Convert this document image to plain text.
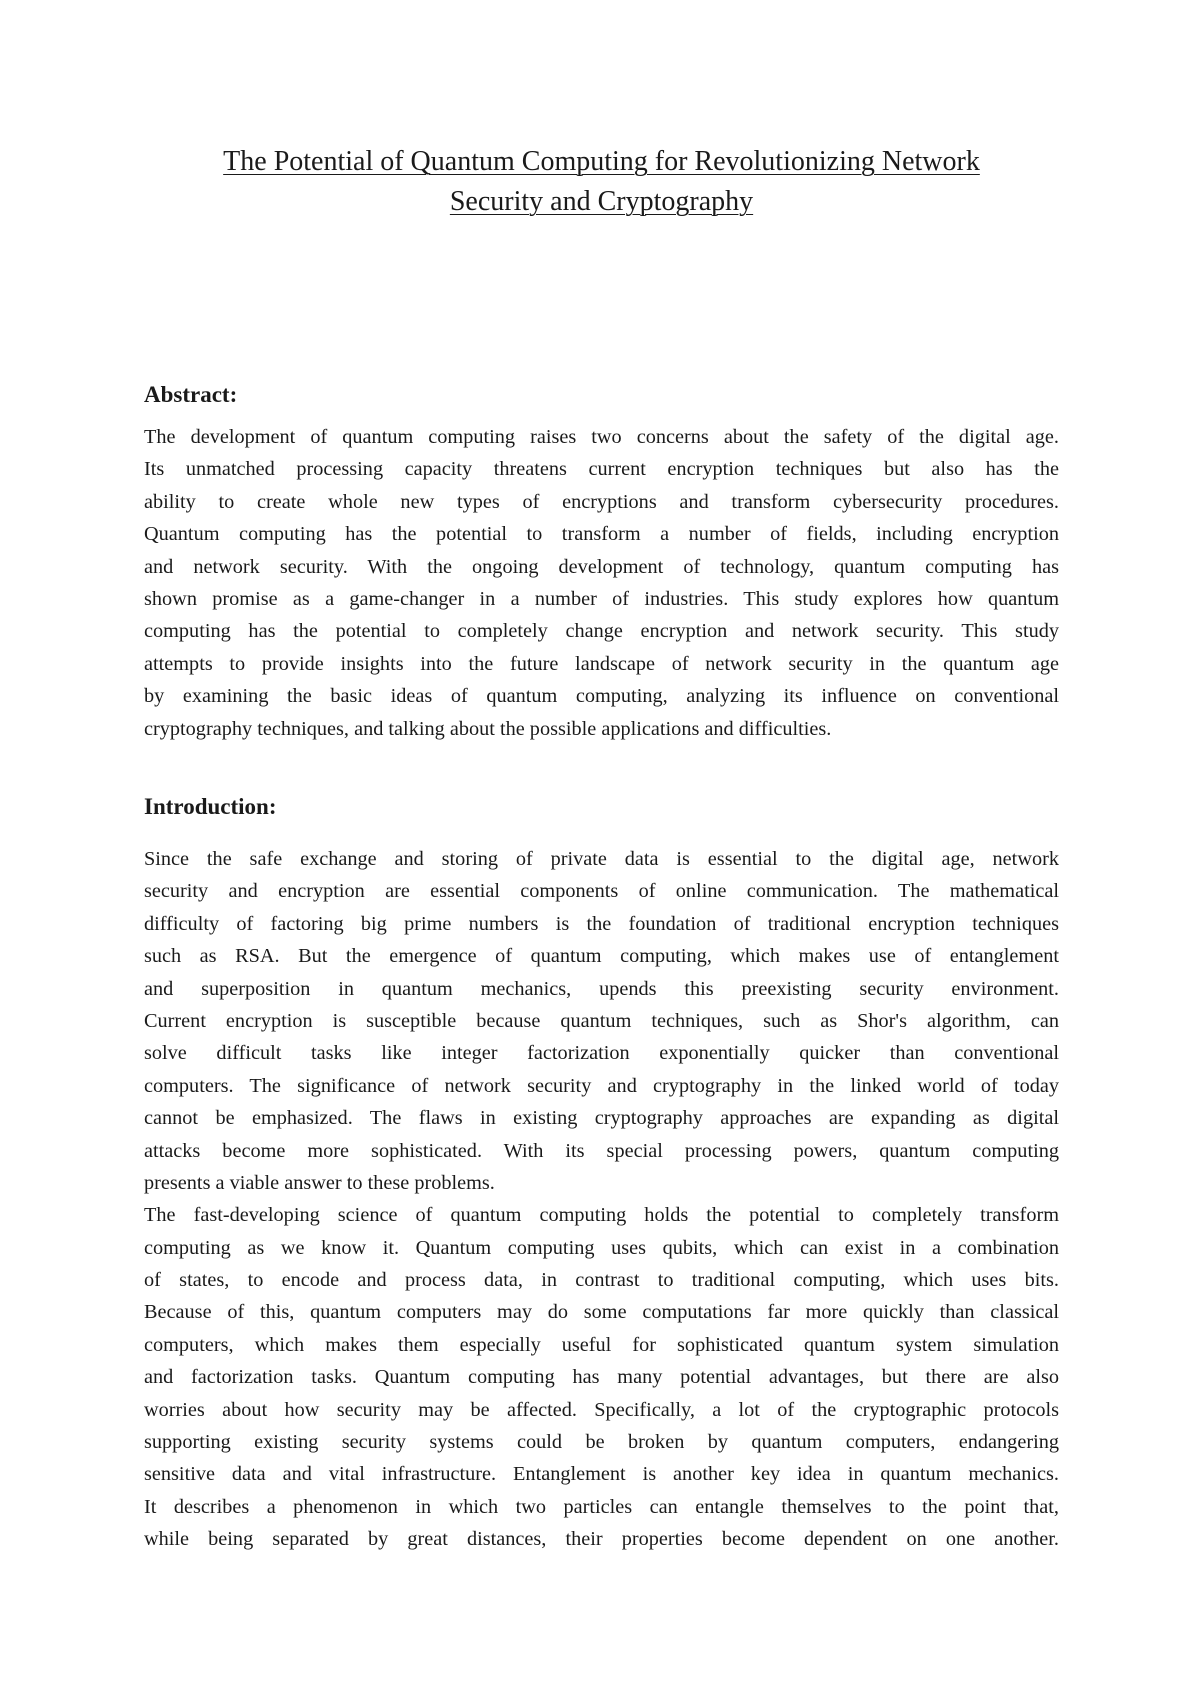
The Potential of Quantum Computing for Revolutionizing Network
Security and Cryptography
Abstract:
The development of quantum computing raises two concerns about the safety of the digital age.
Its unmatched processing capacity threatens current encryption techniques but also has the
ability to create whole new types of encryptions and transform cybersecurity procedures.
Quantum computing has the potential to transform a number of fields, including encryption
and network security. With the ongoing development of technology, quantum computing has
shown promise as a game-changer in a number of industries. This study explores how quantum
computing has the potential to completely change encryption and network security. This study
attempts to provide insights into the future landscape of network security in the quantum age
by examining the basic ideas of quantum computing, analyzing its influence on conventional
cryptography techniques, and talking about the possible applications and difficulties.
Introduction:
Since the safe exchange and storing of private data is essential to the digital age, network
security and encryption are essential components of online communication. The mathematical
difficulty of factoring big prime numbers is the foundation of traditional encryption techniques
such as RSA. But the emergence of quantum computing, which makes use of entanglement
and superposition in quantum mechanics, upends this preexisting security environment.
Current encryption is susceptible because quantum techniques, such as Shor's algorithm, can
solve difficult tasks like integer factorization exponentially quicker than conventional
computers. The significance of network security and cryptography in the linked world of today
cannot be emphasized. The flaws in existing cryptography approaches are expanding as digital
attacks become more sophisticated. With its special processing powers, quantum computing
presents a viable answer to these problems.
The fast-developing science of quantum computing holds the potential to completely transform
computing as we know it. Quantum computing uses qubits, which can exist in a combination
of states, to encode and process data, in contrast to traditional computing, which uses bits.
Because of this, quantum computers may do some computations far more quickly than classical
computers, which makes them especially useful for sophisticated quantum system simulation
and factorization tasks. Quantum computing has many potential advantages, but there are also
worries about how security may be affected. Specifically, a lot of the cryptographic protocols
supporting existing security systems could be broken by quantum computers, endangering
sensitive data and vital infrastructure. Entanglement is another key idea in quantum mechanics.
It describes a phenomenon in which two particles can entangle themselves to the point that,
while being separated by great distances, their properties become dependent on one another.
